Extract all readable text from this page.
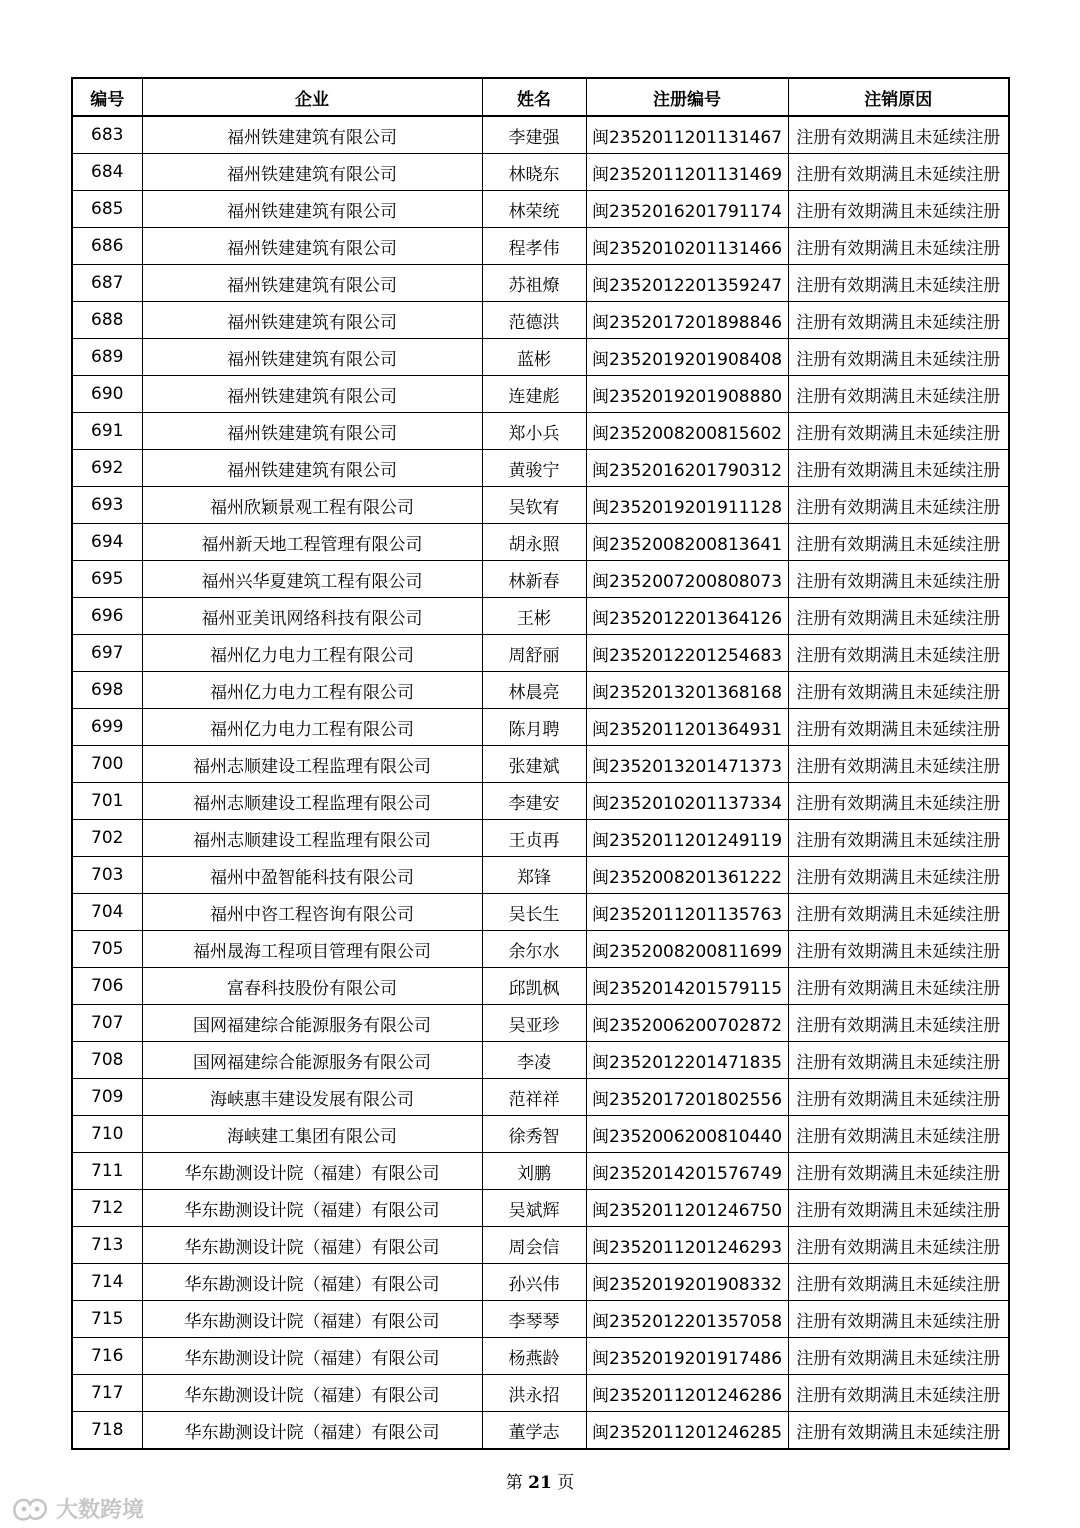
编号	企业	姓名	注册编号	注销原因
683	福州铁建建筑有限公司	李建强	闽2352011201131467	注册有效期满且未延续注册
684	福州铁建建筑有限公司	林晓东	闽2352011201131469	注册有效期满且未延续注册
685	福州铁建建筑有限公司	林荣统	闽2352016201791174	注册有效期满且未延续注册
686	福州铁建建筑有限公司	程孝伟	闽2352010201131466	注册有效期满且未延续注册
687	福州铁建建筑有限公司	苏祖燎	闽2352012201359247	注册有效期满且未延续注册
688	福州铁建建筑有限公司	范德洪	闽2352017201898846	注册有效期满且未延续注册
689	福州铁建建筑有限公司	蓝彬	闽2352019201908408	注册有效期满且未延续注册
690	福州铁建建筑有限公司	连建彪	闽2352019201908880	注册有效期满且未延续注册
691	福州铁建建筑有限公司	郑小兵	闽2352008200815602	注册有效期满且未延续注册
692	福州铁建建筑有限公司	黄骏宁	闽2352016201790312	注册有效期满且未延续注册
693	福州欣颖景观工程有限公司	吴钦宥	闽2352019201911128	注册有效期满且未延续注册
694	福州新天地工程管理有限公司	胡永照	闽2352008200813641	注册有效期满且未延续注册
695	福州兴华夏建筑工程有限公司	林新春	闽2352007200808073	注册有效期满且未延续注册
696	福州亚美讯网络科技有限公司	王彬	闽2352012201364126	注册有效期满且未延续注册
697	福州亿力电力工程有限公司	周舒丽	闽2352012201254683	注册有效期满且未延续注册
698	福州亿力电力工程有限公司	林晨亮	闽2352013201368168	注册有效期满且未延续注册
699	福州亿力电力工程有限公司	陈月聘	闽2352011201364931	注册有效期满且未延续注册
700	福州志顺建设工程监理有限公司	张建斌	闽2352013201471373	注册有效期满且未延续注册
701	福州志顺建设工程监理有限公司	李建安	闽2352010201137334	注册有效期满且未延续注册
702	福州志顺建设工程监理有限公司	王贞再	闽2352011201249119	注册有效期满且未延续注册
703	福州中盈智能科技有限公司	郑锋	闽2352008201361222	注册有效期满且未延续注册
704	福州中咨工程咨询有限公司	吴长生	闽2352011201135763	注册有效期满且未延续注册
705	福州晟海工程项目管理有限公司	余尔水	闽2352008200811699	注册有效期满且未延续注册
706	富春科技股份有限公司	邱凯枫	闽2352014201579115	注册有效期满且未延续注册
707	国网福建综合能源服务有限公司	吴亚珍	闽2352006200702872	注册有效期满且未延续注册
708	国网福建综合能源服务有限公司	李凌	闽2352012201471835	注册有效期满且未延续注册
709	海峡惠丰建设发展有限公司	范祥祥	闽2352017201802556	注册有效期满且未延续注册
710	海峡建工集团有限公司	徐秀智	闽2352006200810440	注册有效期满且未延续注册
711	华东勘测设计院（福建）有限公司	刘鹏	闽2352014201576749	注册有效期满且未延续注册
712	华东勘测设计院（福建）有限公司	吴斌辉	闽2352011201246750	注册有效期满且未延续注册
713	华东勘测设计院（福建）有限公司	周会信	闽2352011201246293	注册有效期满且未延续注册
714	华东勘测设计院（福建）有限公司	孙兴伟	闽2352019201908332	注册有效期满且未延续注册
715	华东勘测设计院（福建）有限公司	李琴琴	闽2352012201357058	注册有效期满且未延续注册
716	华东勘测设计院（福建）有限公司	杨燕龄	闽2352019201917486	注册有效期满且未延续注册
717	华东勘测设计院（福建）有限公司	洪永招	闽2352011201246286	注册有效期满且未延续注册
718	华东勘测设计院（福建）有限公司	董学志	闽2352011201246285	注册有效期满且未延续注册
第 21 页
大数跨境
